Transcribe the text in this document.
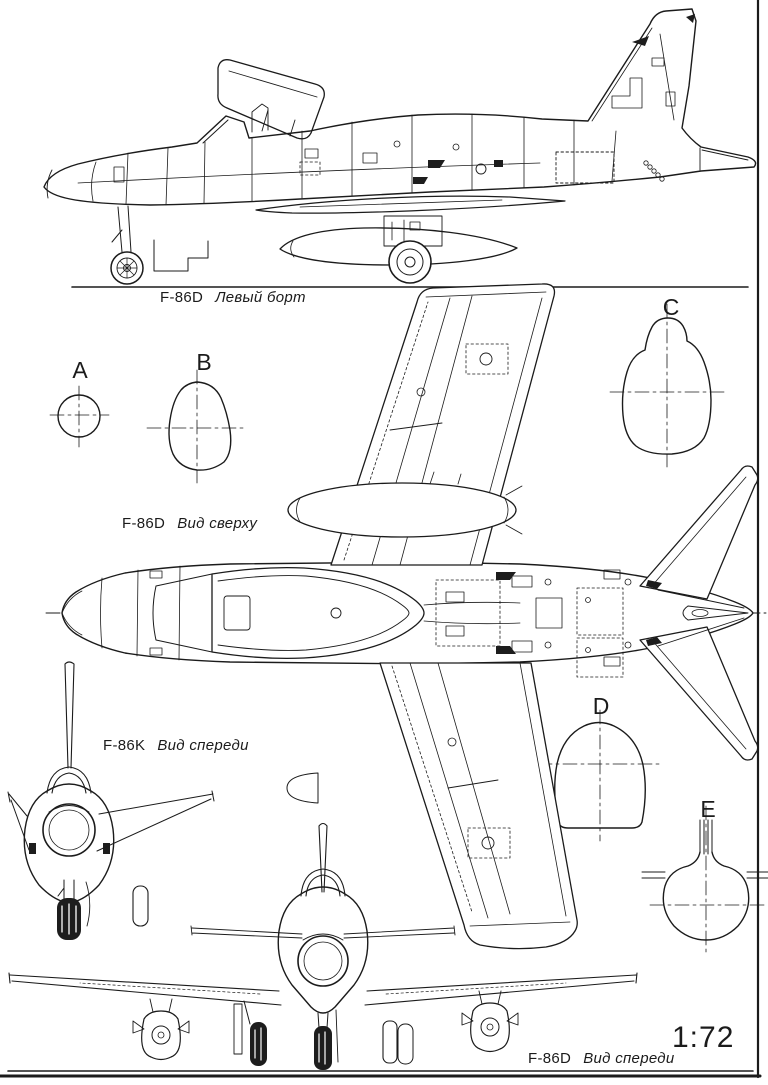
F-86D Левый борт
F-86D Вид сверху
F-86K Вид спереди
F-86D Вид спереди
1:72
A	B
C
D
E
